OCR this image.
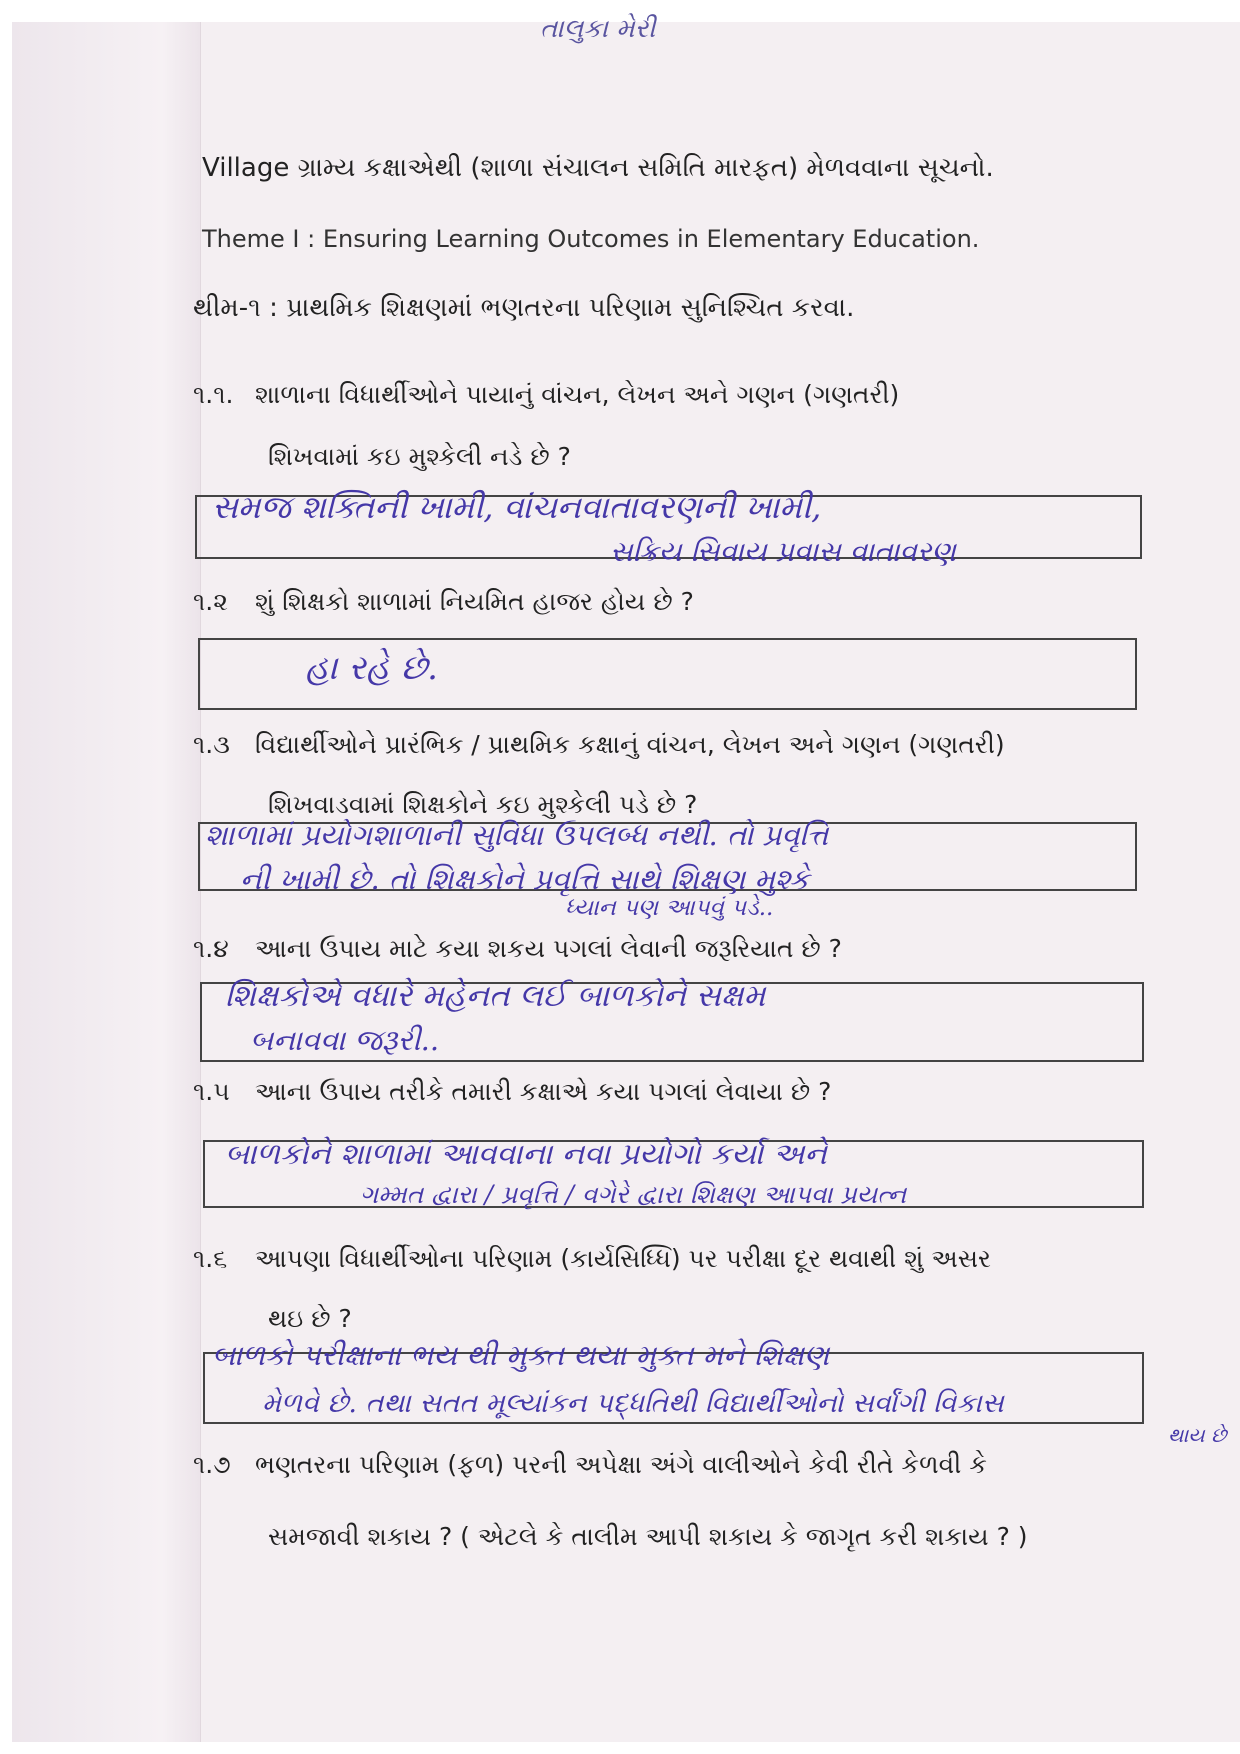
તાલુકા મેરી
Village ગ્રામ્ય કક્ષાએથી (શાળા સંચાલન સમિતિ મારફત) મેળવવાના સૂચનો.
Theme I : Ensuring Learning Outcomes in Elementary Education.
થીમ-૧ : પ્રાથમિક શિક્ષણમાં ભણતરના પરિણામ સુનિશ્ચિત કરવા.
૧.૧. શાળાના વિધાર્થીઓને પાયાનું વાંચન, લેખન અને ગણન (ગણતરી)
શિખવામાં કઇ મુશ્કેલી નડે છે ?
સમજ શક્તિની ખામી, વાંચનવાતાવરણની ખામી,
સક્રિય સિવાય પ્રવાસ વાતાવરણ
૧.૨ શું શિક્ષકો શાળામાં નિયમિત હાજર હોય છે ?
હા રહે છે.
૧.૩ વિદ્યાર્થીઓને પ્રારંભિક / પ્રાથમિક કક્ષાનું વાંચન, લેખન અને ગણન (ગણતરી)
શિખવાડવામાં શિક્ષકોને કઇ મુશ્કેલી પડે છે ?
શાળામાં પ્રયોગશાળાની સુવિધા ઉપલબ્ધ નથી. તો પ્રવૃત્તિ
ની ખામી છે. તો શિક્ષકોને પ્રવૃત્તિ સાથે શિક્ષણ મુશ્કે
ધ્યાન પણ આપવું પડે..
૧.૪ આના ઉપાય માટે કયા શકય પગલાં લેવાની જરૂરિયાત છે ?
શિક્ષકોએ વધારે મહેનત લઈ બાળકોને સક્ષમ
બનાવવા જરૂરી..
૧.૫ આના ઉપાય તરીકે તમારી કક્ષાએ કયા પગલાં લેવાયા છે ?
બાળકોને શાળામાં આવવાના નવા પ્રયોગો કર્યા અને
ગમ્મત દ્વારા / પ્રવૃત્તિ / વગેરે દ્વારા શિક્ષણ આપવા પ્રયત્ન
૧.૬ આપણા વિધાર્થીઓના પરિણામ (કાર્યસિધ્ધિ) પર પરીક્ષા દૂર થવાથી શું અસર
થઇ છે ?
બાળકો પરીક્ષાના ભય થી મુક્ત થયા મુક્ત મને શિક્ષણ
મેળવે છે. તથા સતત મૂલ્યાંકન પદ્ધતિથી વિદ્યાર્થીઓનો સર્વાંગી વિકાસ
થાય છે
૧.૭ ભણતરના પરિણામ (ફળ) પરની અપેક્ષા અંગે વાલીઓને કેવી રીતે કેળવી કે
સમજાવી શકાય ? ( એટલે કે તાલીમ આપી શકાય કે જાગૃત કરી શકાય ? )
